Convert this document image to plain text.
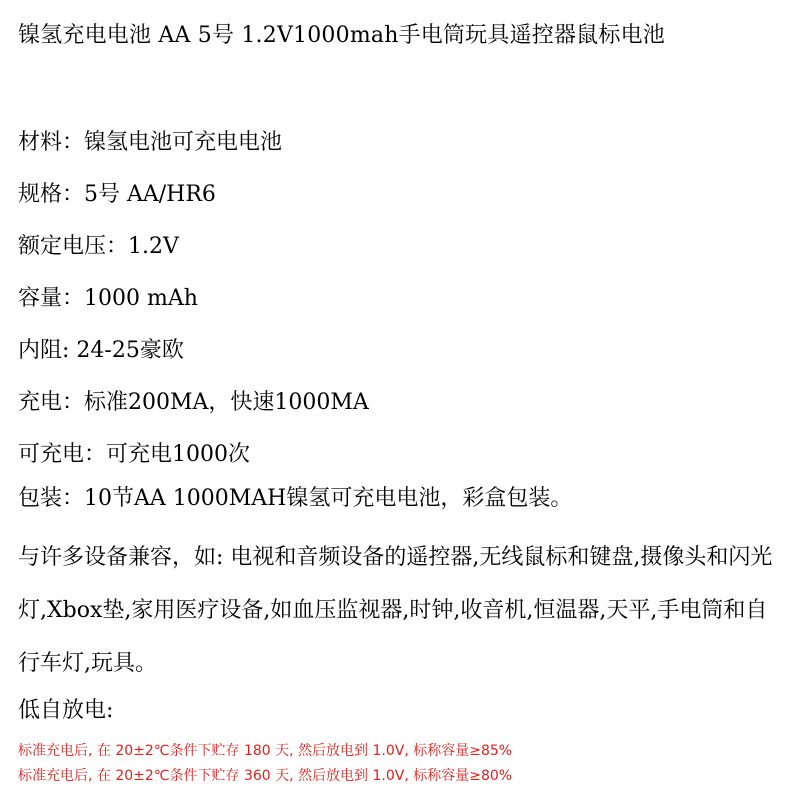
镍氢充电电池 AA 5号 1.2V1000mah手电筒玩具遥控器鼠标电池
材料：镍氢电池可充电电池
规格：5号 AA/HR6
额定电压：1.2V
容量：1000 mAh
内阻: 24-25豪欧
充电：标准200MA，快速1000MA
可充电：可充电1000次
包装：10节AA 1000MAH镍氢可充电电池，彩盒包装。
与许多设备兼容，如: 电视和音频设备的遥控器,无线鼠标和键盘,摄像头和闪光灯,Xbox垫,家用医疗设备,如血压监视器,时钟,收音机,恒温器,天平,手电筒和自行车灯,玩具。
低自放电:
标准充电后, 在 20±2℃条件下贮存 180 天, 然后放电到 1.0V, 标称容量≥85%
标准充电后, 在 20±2℃条件下贮存 360 天, 然后放电到 1.0V, 标称容量≥80%
